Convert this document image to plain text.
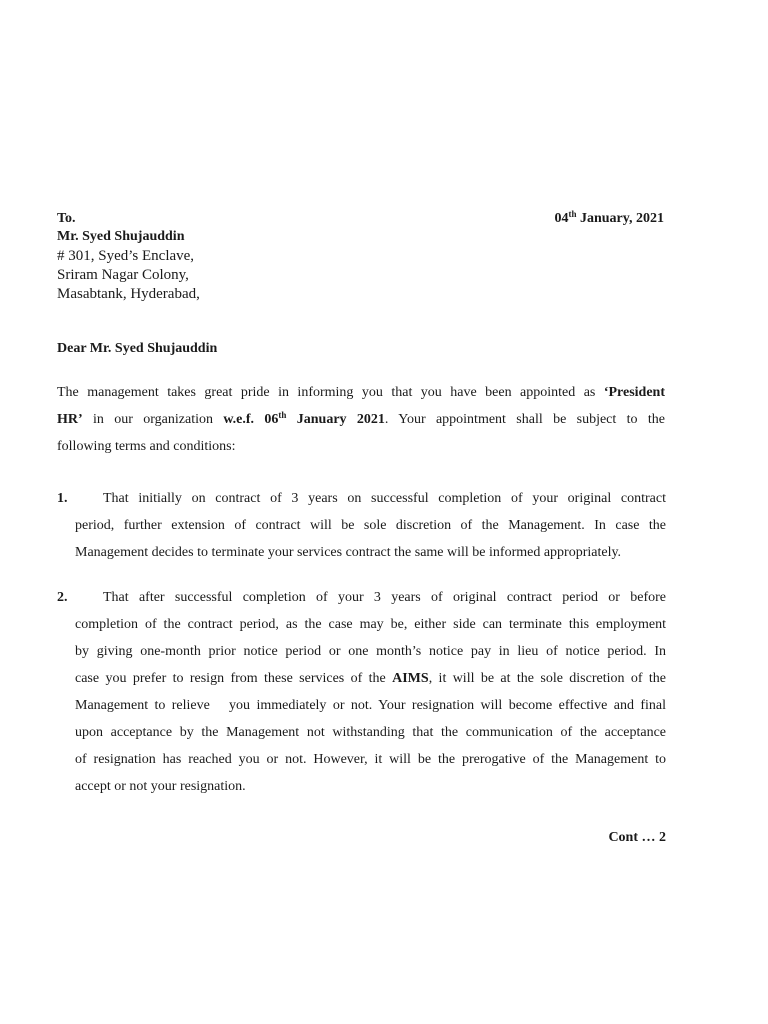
To.	04th January, 2021
Mr. Syed Shujauddin
# 301, Syed’s Enclave,
Sriram Nagar Colony,
Masabtank, Hyderabad,
Dear Mr. Syed Shujauddin
The management takes great pride in informing you that you have been appointed as ‘President
HR’ in our organization w.e.f. 06th January 2021. Your appointment shall be subject to the
following terms and conditions:
1.	That initially on contract of 3 years on successful completion of your original contract
period, further extension of contract will be sole discretion of the Management. In case the
Management decides to terminate your services contract the same will be informed appropriately.
2.	That after successful completion of your 3 years of original contract period or before
completion of the contract period, as the case may be, either side can terminate this employment
by giving one-month prior notice period or one month’s notice pay in lieu of notice period. In
case you prefer to resign from these services of the AIMS, it will be at the sole discretion of the
Management to relieve   you immediately or not. Your resignation will become effective and final
upon acceptance by the Management not withstanding that the communication of the acceptance
of resignation has reached you or not. However, it will be the prerogative of the Management to
accept or not your resignation.
Cont … 2
